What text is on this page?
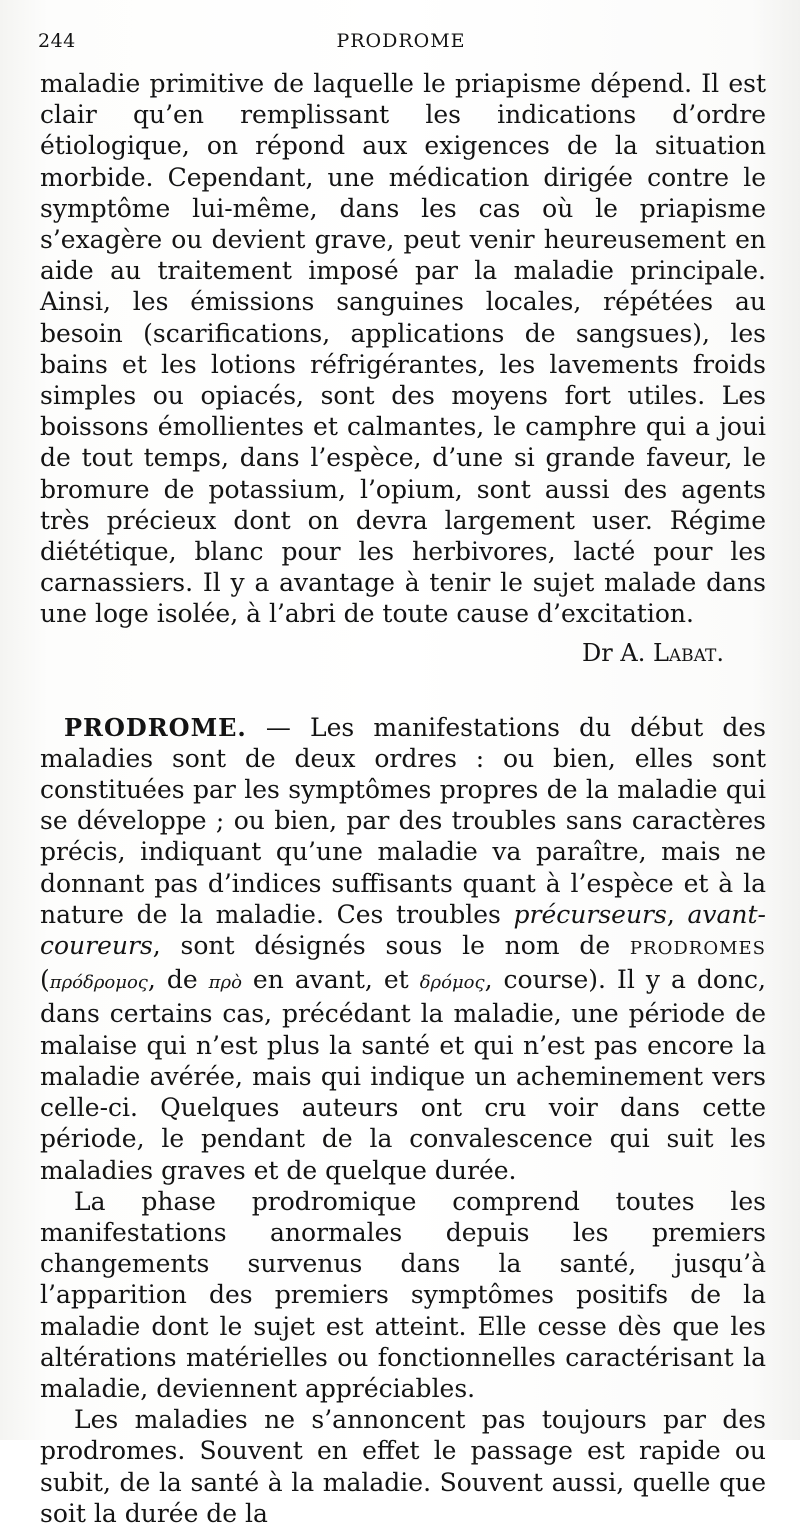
244	PRODROME

maladie primitive de laquelle le priapisme dépend. Il est clair qu’en remplissant les indications d’ordre étiologique, on répond aux exigences de la situation morbide. Cependant, une médication dirigée contre le symptôme lui-même, dans les cas où le priapisme s’exagère ou devient grave, peut venir heureusement en aide au traitement imposé par la maladie principale. Ainsi, les émissions sanguines locales, répétées au besoin (scarifications, applications de sangsues), les bains et les lotions réfrigérantes, les lavements froids simples ou opiacés, sont des moyens fort utiles. Les boissons émollientes et calmantes, le camphre qui a joui de tout temps, dans l’espèce, d’une si grande faveur, le bromure de potassium, l’opium, sont aussi des agents très précieux dont on devra largement user. Régime diététique, blanc pour les herbivores, lacté pour les carnassiers. Il y a avantage à tenir le sujet malade dans une loge isolée, à l’abri de toute cause d’excitation.

Dr A. Labat.

PRODROME. — Les manifestations du début des maladies sont de deux ordres : ou bien, elles sont constituées par les symptômes propres de la maladie qui se développe ; ou bien, par des troubles sans caractères précis, indiquant qu’une maladie va paraître, mais ne donnant pas d’indices suffisants quant à l’espèce et à la nature de la maladie. Ces troubles précurseurs, avant-coureurs, sont désignés sous le nom de PRODROMES (πρόδρομος, de πρὸ en avant, et δρόμος, course). Il y a donc, dans certains cas, précédant la maladie, une période de malaise qui n’est plus la santé et qui n’est pas encore la maladie avérée, mais qui indique un acheminement vers celle-ci. Quelques auteurs ont cru voir dans cette période, le pendant de la convalescence qui suit les maladies graves et de quelque durée.

La phase prodromique comprend toutes les manifestations anormales depuis les premiers changements survenus dans la santé, jusqu’à l’apparition des premiers symptômes positifs de la maladie dont le sujet est atteint. Elle cesse dès que les altérations matérielles ou fonctionnelles caractérisant la maladie, deviennent appréciables.

Les maladies ne s’annoncent pas toujours par des prodromes. Souvent en effet le passage est rapide ou subit, de la santé à la maladie. Souvent aussi, quelle que soit la durée de la
